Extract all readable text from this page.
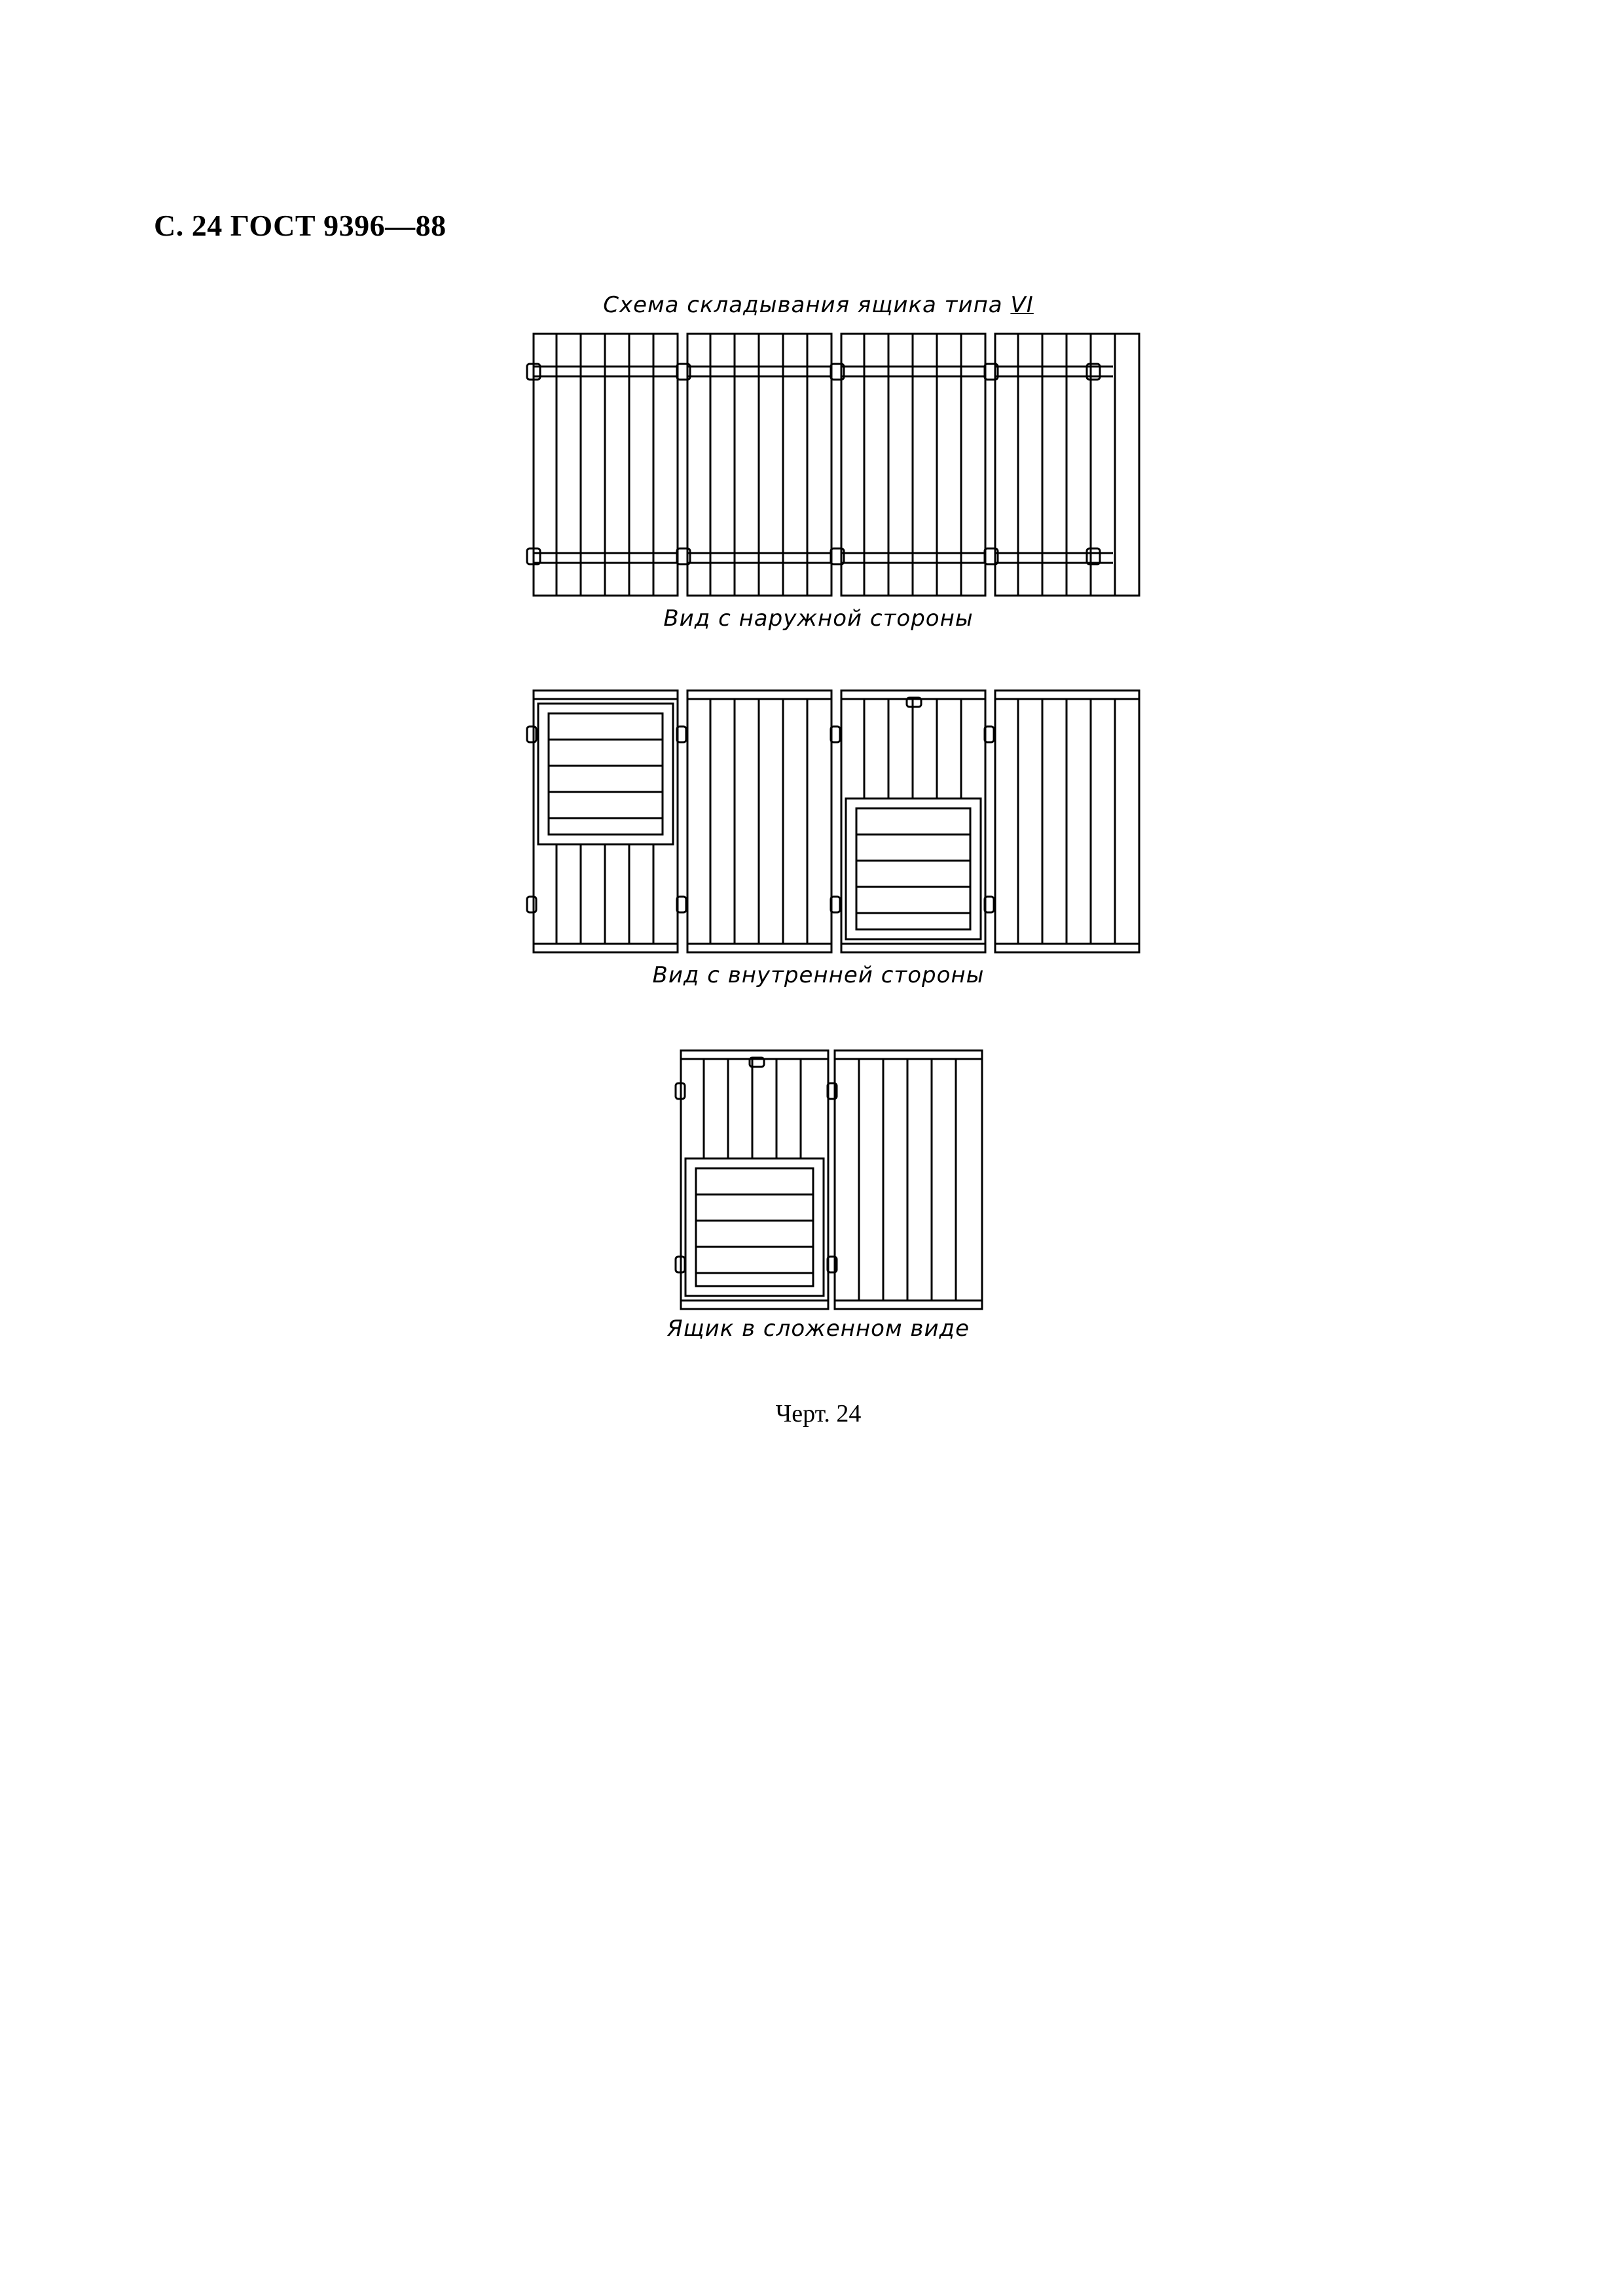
С. 24 ГОСТ 9396—88
Схема складывания ящика типа VI
Вид с наружной стороны
Вид с внутренней стороны
Ящик в сложенном виде
Черт. 24
